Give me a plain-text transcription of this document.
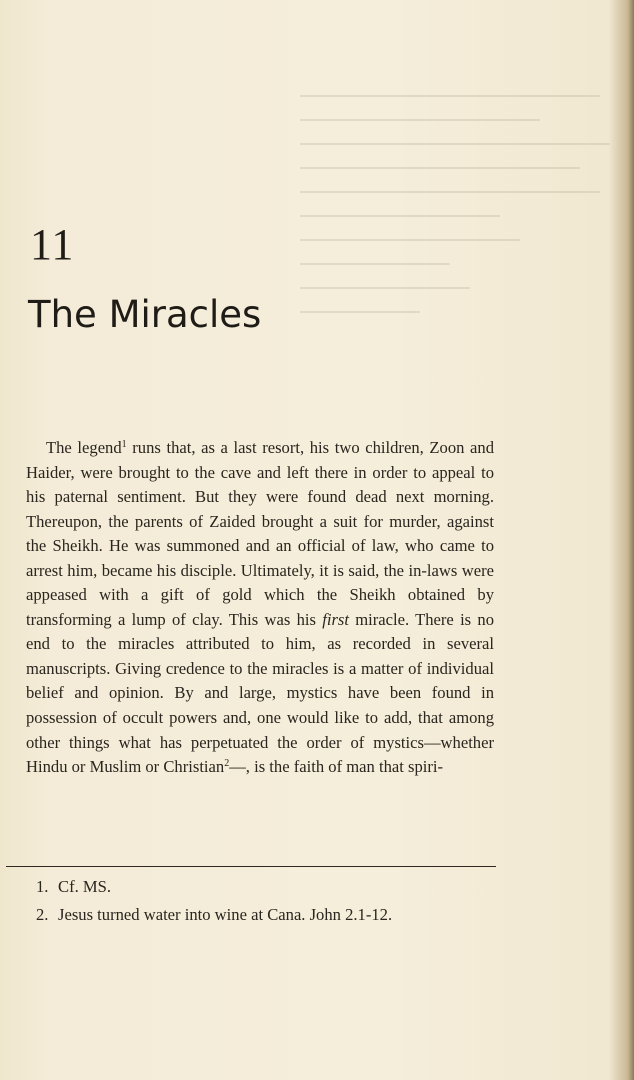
11
The Miracles

The legend$^1$ runs that, as a last resort, his two children, Zoon and Haider, were brought to the cave and left there in order to appeal to his paternal sentiment. But they were found dead next morning. Thereupon, the parents of Zaided brought a suit for murder, against the Sheikh. He was summoned and an official of law, who came to arrest him, became his disciple. Ultimately, it is said, the in-laws were appeased with a gift of gold which the Sheikh obtained by transforming a lump of clay. This was his first miracle. There is no end to the miracles attributed to him, as recorded in several manuscripts. Giving credence to the miracles is a matter of individual belief and opinion. By and large, mystics have been found in possession of occult powers and, one would like to add, that among other things what has perpetuated the order of mystics—whether Hindu or Muslim or Christian$^2$—, is the faith of man that spiri-

1. Cf. MS.
2. Jesus turned water into wine at Cana. John 2.1-12.
